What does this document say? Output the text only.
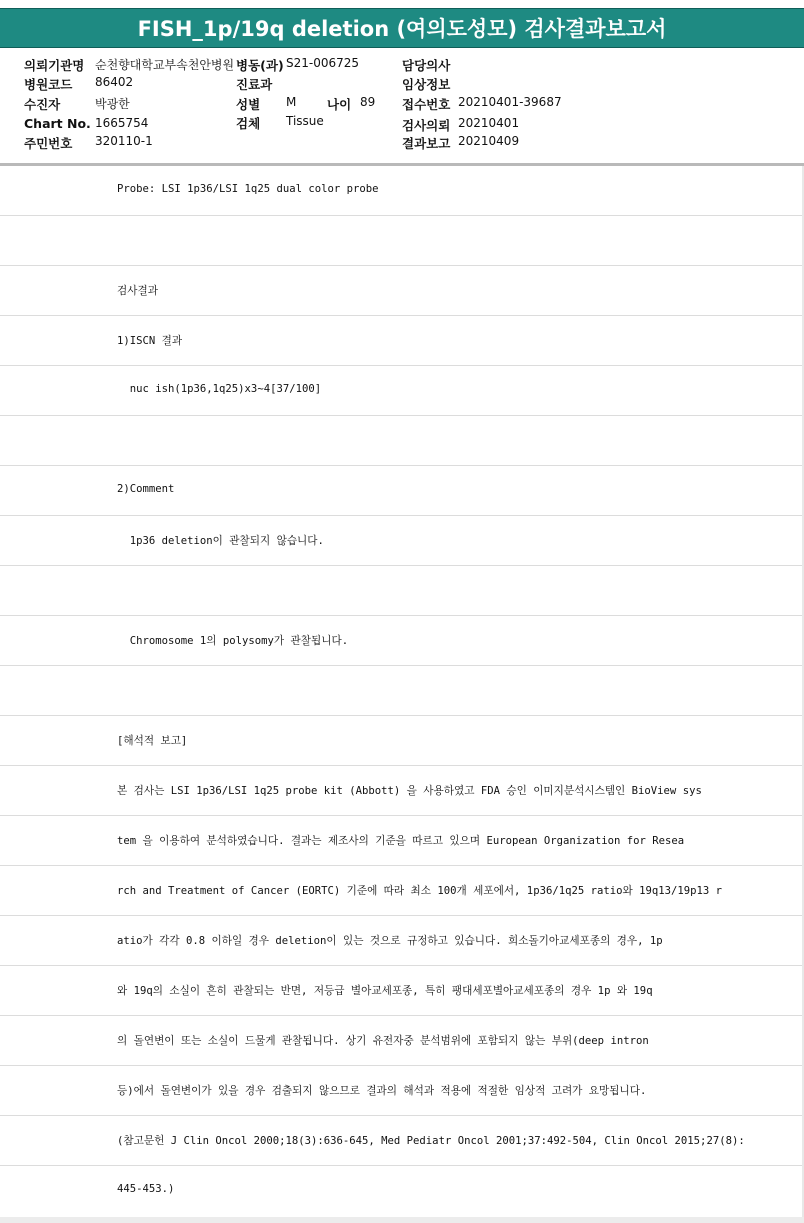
FISH_1p/19q deletion (여의도성모) 검사결과보고서
의뢰기관명 순천향대학교부속천안병원 병동(과) S21-006725	담당의사
병원코드 86402	진료과	임상정보
수진자	박광한	성별 M 나이 89 접수번호 20210401-39687
Chart No. 1665754	검체 Tissue	검사의뢰 20210401
주민번호 320110-1	결과보고 20210409
Probe: LSI 1p36/LSI 1q25 dual color probe
검사결과
1)ISCN 결과
nuc ish(1p36,1q25)x3~4[37/100]
2)Comment
1p36 deletion이 관찰되지 않습니다.
Chromosome 1의 polysomy가 관찰됩니다.
[해석적 보고]
본 검사는 LSI 1p36/LSI 1q25 probe kit (Abbott) 을 사용하였고 FDA 승인 이미지분석시스템인 BioView sys
tem 을 이용하여 분석하였습니다. 결과는 제조사의 기준을 따르고 있으며 European Organization for Resea
rch and Treatment of Cancer (EORTC) 기준에 따라 최소 100개 세포에서, 1p36/1q25 ratio와 19q13/19p13 r
atio가 각각 0.8 이하일 경우 deletion이 있는 것으로 규정하고 있습니다. 희소돌기아교세포종의 경우, 1p
와 19q의 소실이 흔히 관찰되는 반면, 저등급 별아교세포종, 특히 팽대세포별아교세포종의 경우 1p 와 19q
의 돌연변이 또는 소실이 드물게 관찰됩니다. 상기 유전자중 분석범위에 포함되지 않는 부위(deep intron
등)에서 돌연변이가 있을 경우 검출되지 않으므로 결과의 해석과 적용에 적절한 임상적 고려가 요망됩니다.
(참고문헌 J Clin Oncol 2000;18(3):636-645, Med Pediatr Oncol 2001;37:492-504, Clin Oncol 2015;27(8):
445-453.)
